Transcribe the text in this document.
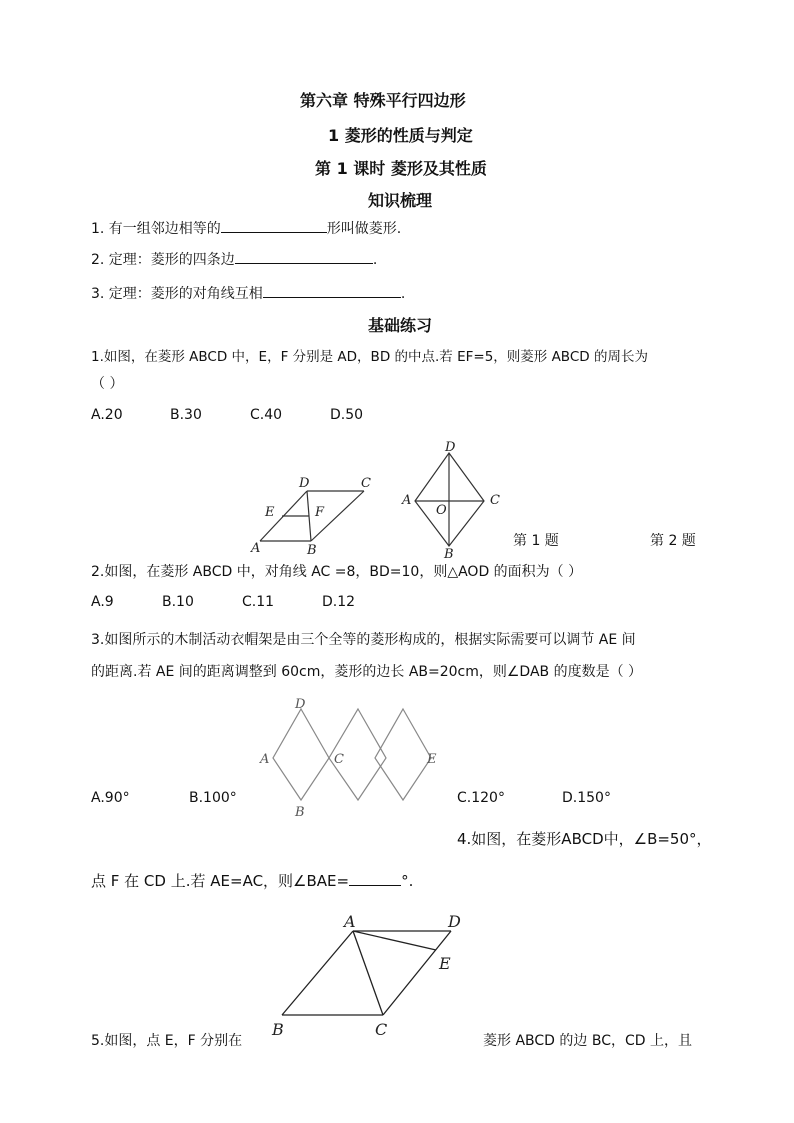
第六章 特殊平行四边形
1 菱形的性质与判定
第 1 课时 菱形及其性质
知识梳理
1. 有一组邻边相等的	形叫做菱形.
2. 定理：菱形的四条边	.
3. 定理：菱形的对角线互相	.
基础练习
1.如图，在菱形 ABCD 中，E，F 分别是 AD，BD 的中点.若 EF=5，则菱形 ABCD 的周长为
（ ）
A.20	B.30	C.40	D.50
A	B
C
D
E	F
D
A	C
O
B
第 1 题	第 2 题
2.如图，在菱形 ABCD 中，对角线 AC =8，BD=10，则△AOD 的面积为（ ）
A.9	B.10	C.11	D.12
3.如图所示的木制活动衣帽架是由三个全等的菱形构成的，根据实际需要可以调节 AE 间
的距离.若 AE 间的距离调整到 60cm，菱形的边长 AB=20cm，则∠DAB 的度数是（ ）
D
A	C	E
B
A.90°	B.100°	C.120°	D.150°
4.如图，在菱形ABCD中，∠B=50°，
点 F 在 CD 上.若 AE=AC，则∠BAE=	°.
A	D
E
B	C
5.如图，点 E，F 分别在	菱形 ABCD 的边 BC，CD 上，且
